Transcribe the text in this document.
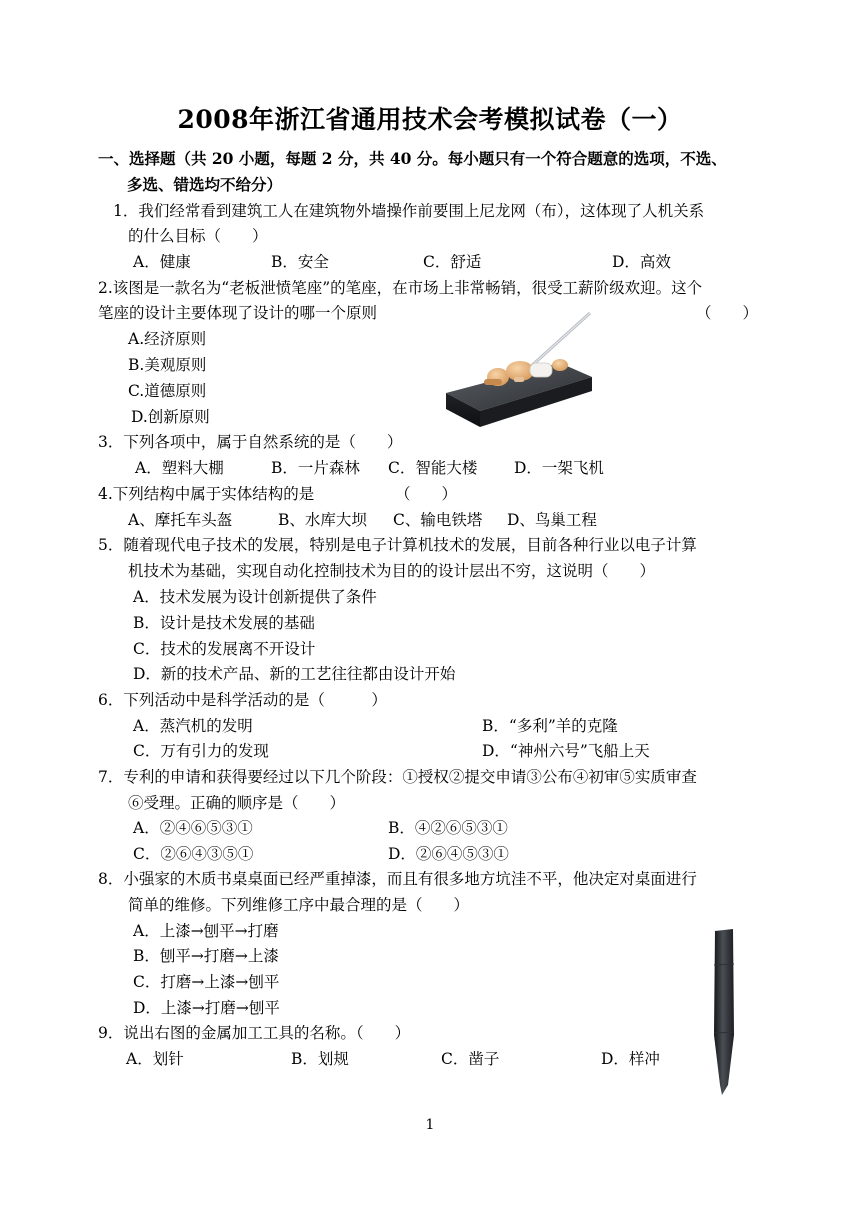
2008年浙江省通用技术会考模拟试卷（一）
一、选择题（共 20 小题，每题 2 分，共 40 分。每小题只有一个符合题意的选项，不选、
多选、错选均不给分）
1．我们经常看到建筑工人在建筑物外墙操作前要围上尼龙网（布），这体现了人机关系
的什么目标（　　）
A．健康	B．安全	C．舒适	D．高效
2.该图是一款名为“老板泄愤笔座”的笔座，在市场上非常畅销，很受工薪阶级欢迎。这个
笔座的设计主要体现了设计的哪一个原则	（　　）
A.经济原则
B.美观原则
C.道德原则
D.创新原则
3．下列各项中，属于自然系统的是（　　）
A．塑料大棚	B．一片森林 C．智能大楼 D．一架飞机
4.下列结构中属于实体结构的是	（　　）
A、摩托车头盔	B、水库大坝 C、输电铁塔 D、鸟巢工程
5．随着现代电子技术的发展，特别是电子计算机技术的发展，目前各种行业以电子计算
机技术为基础，实现自动化控制技术为目的的设计层出不穷，这说明（　　）
A．技术发展为设计创新提供了条件
B．设计是技术发展的基础
C．技术的发展离不开设计
D．新的技术产品、新的工艺往往都由设计开始
6．下列活动中是科学活动的是（　　　）
A．蒸汽机的发明	B．“多利”羊的克隆
C．万有引力的发现	D．“神州六号”飞船上天
7．专利的申请和获得要经过以下几个阶段：①授权②提交申请③公布④初审⑤实质审查
⑥受理。正确的顺序是（　　）
A．②④⑥⑤③①	B．④②⑥⑤③①
C．②⑥④③⑤①	D．②⑥④⑤③①
8．小强家的木质书桌桌面已经严重掉漆，而且有很多地方坑洼不平，他决定对桌面进行
简单的维修。下列维修工序中最合理的是（　　）
A．上漆→刨平→打磨
B．刨平→打磨→上漆
C．打磨→上漆→刨平
D．上漆→打磨→刨平
9．说出右图的金属加工工具的名称。（　　）
A．划针	B．划规	C．凿子	D．样冲
1
